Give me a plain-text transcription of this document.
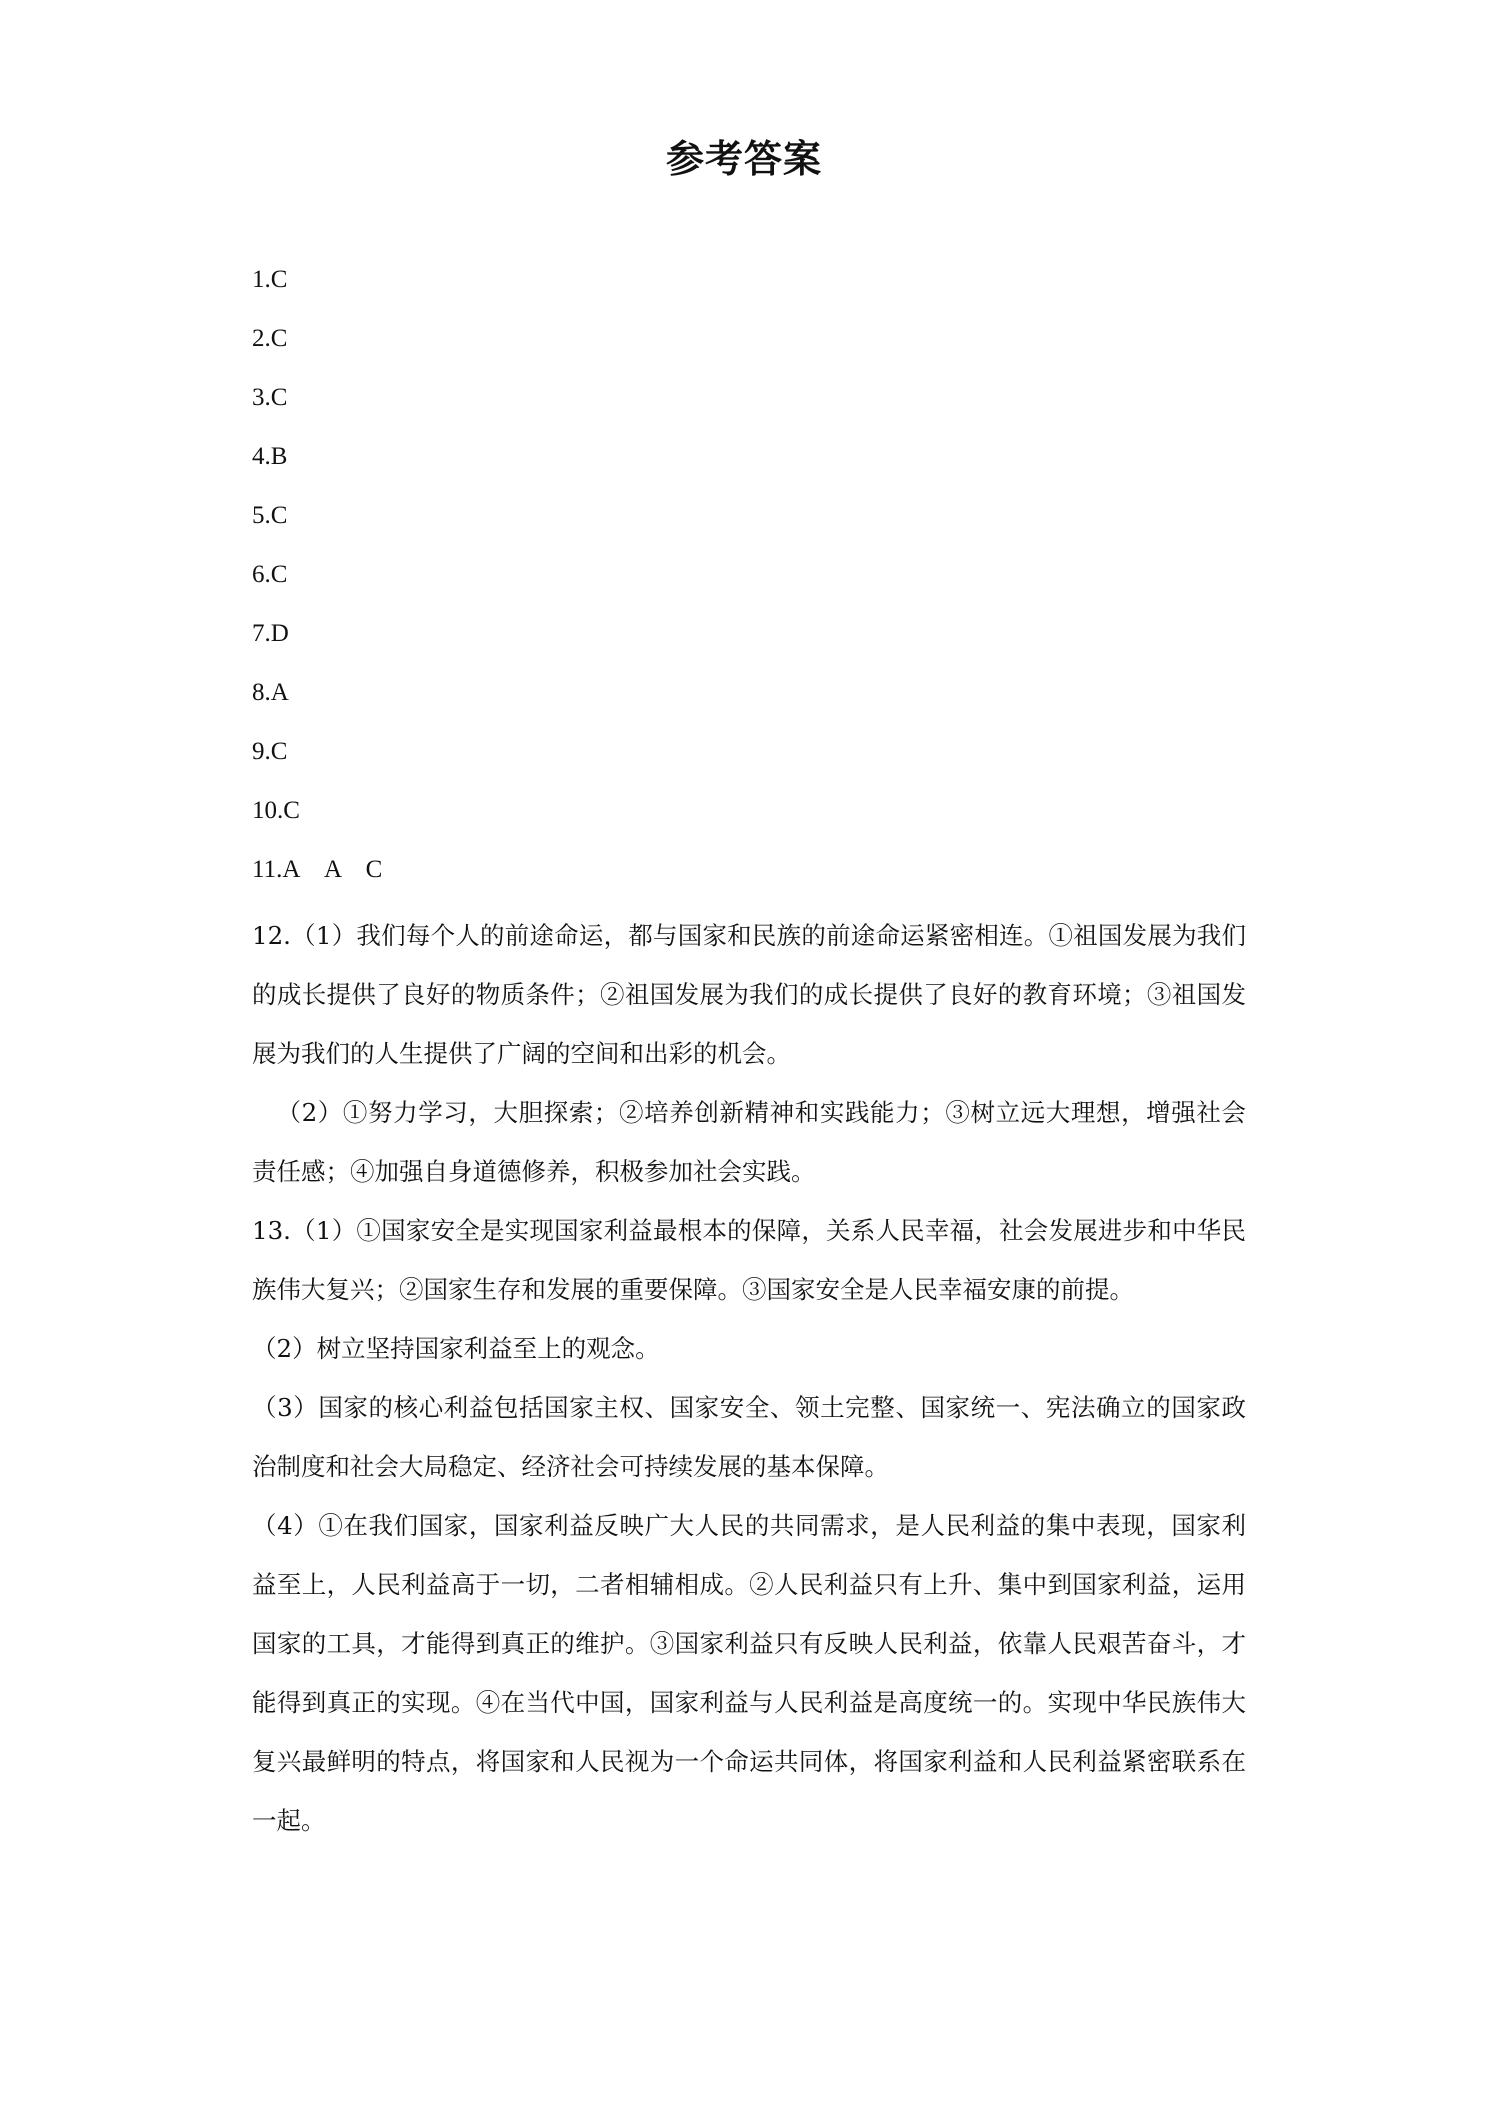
参考答案
1.C
2.C
3.C
4.B
5.C
6.C
7.D
8.A
9.C
10.C
11.A　A　C

12.（1）我们每个人的前途命运，都与国家和民族的前途命运紧密相连。①祖国发展为我们的成长提供了良好的物质条件；②祖国发展为我们的成长提供了良好的教育环境；③祖国发展为我们的人生提供了广阔的空间和出彩的机会。

（2）①努力学习，大胆探索；②培养创新精神和实践能力；③树立远大理想，增强社会责任感；④加强自身道德修养，积极参加社会实践。

13.（1）①国家安全是实现国家利益最根本的保障，关系人民幸福，社会发展进步和中华民族伟大复兴；②国家生存和发展的重要保障。③国家安全是人民幸福安康的前提。

（2）树立坚持国家利益至上的观念。

（3）国家的核心利益包括国家主权、国家安全、领土完整、国家统一、宪法确立的国家政治制度和社会大局稳定、经济社会可持续发展的基本保障。

（4）①在我们国家，国家利益反映广大人民的共同需求，是人民利益的集中表现，国家利益至上，人民利益高于一切，二者相辅相成。②人民利益只有上升、集中到国家利益，运用国家的工具，才能得到真正的维护。③国家利益只有反映人民利益，依靠人民艰苦奋斗，才能得到真正的实现。④在当代中国，国家利益与人民利益是高度统一的。实现中华民族伟大复兴最鲜明的特点，将国家和人民视为一个命运共同体，将国家利益和人民利益紧密联系在一起。
